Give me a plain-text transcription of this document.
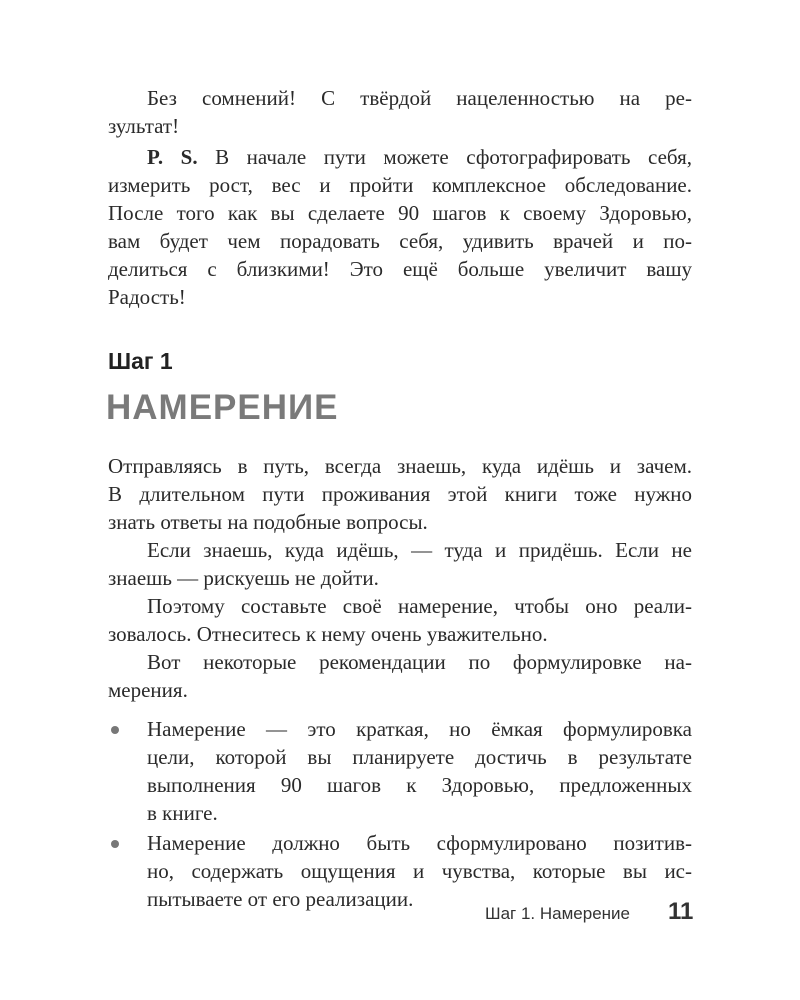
Без сомнений! С твёрдой нацеленностью на ре-
зультат!
P. S. В начале пути можете сфотографировать себя,
измерить рост, вес и пройти комплексное обследование.
После того как вы сделаете 90 шагов к своему Здоровью,
вам будет чем порадовать себя, удивить врачей и по-
делиться с близкими! Это ещё больше увеличит вашу
Радость!
Шаг 1
НАМЕРЕНИЕ
Отправляясь в путь, всегда знаешь, куда идёшь и зачем.
В длительном пути проживания этой книги тоже нужно
знать ответы на подобные вопросы.
Если знаешь, куда идёшь, — туда и придёшь. Если не
знаешь — рискуешь не дойти.
Поэтому составьте своё намерение, чтобы оно реали-
зовалось. Отнеситесь к нему очень уважительно.
Вот некоторые рекомендации по формулировке на-
мерения.
Намерение — это краткая, но ёмкая формулировка
цели, которой вы планируете достичь в результате
выполнения 90 шагов к Здоровью, предложенных
в книге.
Намерение должно быть сформулировано позитив-
но, содержать ощущения и чувства, которые вы ис-
пытываете от его реализации.
Шаг 1. Намерение 11
